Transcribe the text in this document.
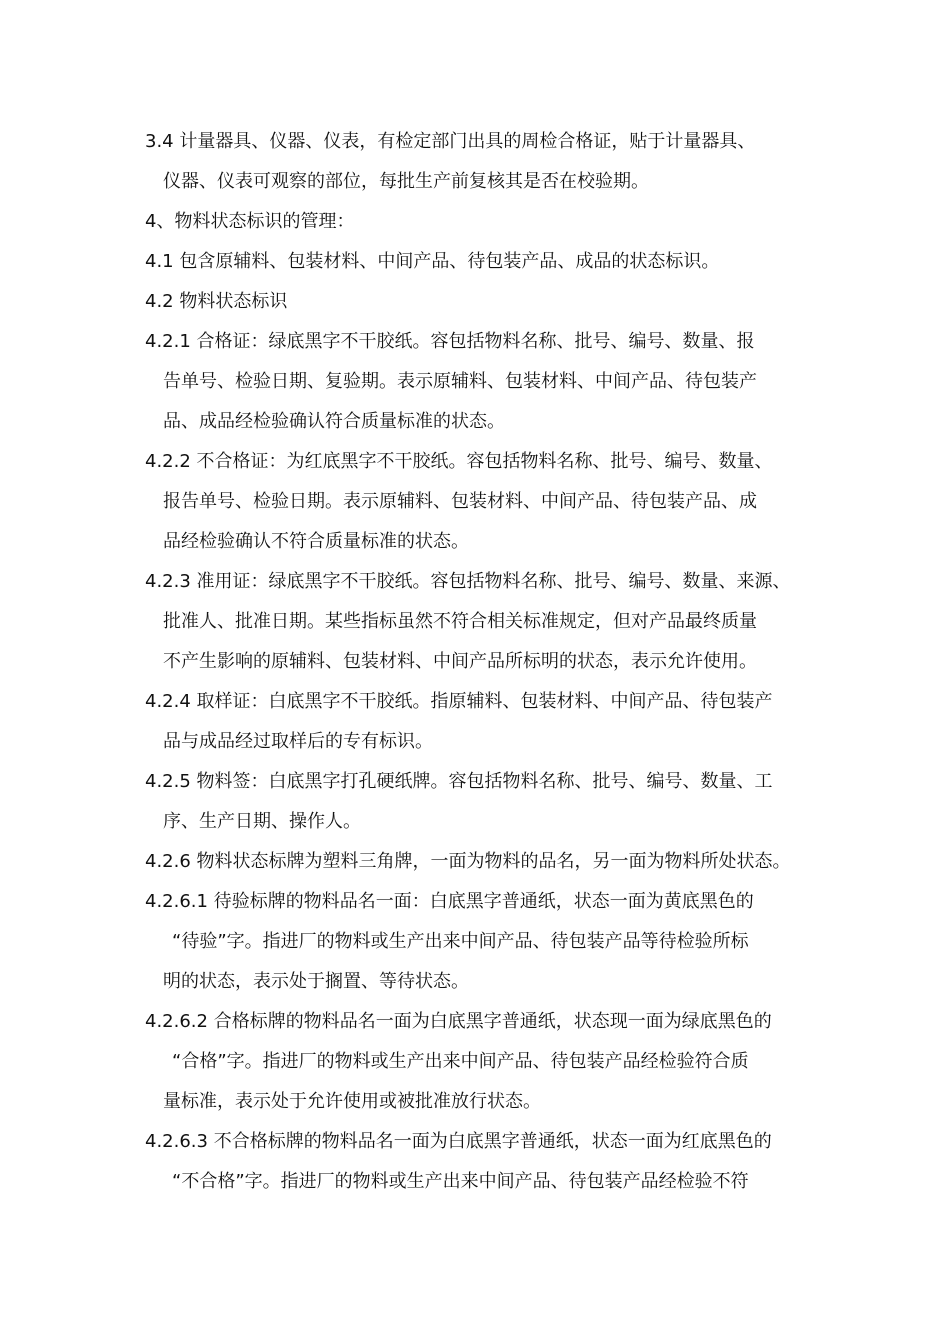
3.4 计量器具、仪器、仪表，有检定部门出具的周检合格证，贴于计量器具、
仪器、仪表可观察的部位，每批生产前复核其是否在校验期。
4、物料状态标识的管理：
4.1 包含原辅料、包装材料、中间产品、待包装产品、成品的状态标识。
4.2 物料状态标识
4.2.1 合格证：绿底黑字不干胶纸。容包括物料名称、批号、编号、数量、报
告单号、检验日期、复验期。表示原辅料、包装材料、中间产品、待包装产
品、成品经检验确认符合质量标准的状态。
4.2.2 不合格证：为红底黑字不干胶纸。容包括物料名称、批号、编号、数量、
报告单号、检验日期。表示原辅料、包装材料、中间产品、待包装产品、成
品经检验确认不符合质量标准的状态。
4.2.3 准用证：绿底黑字不干胶纸。容包括物料名称、批号、编号、数量、来源、
批准人、批准日期。某些指标虽然不符合相关标准规定，但对产品最终质量
不产生影响的原辅料、包装材料、中间产品所标明的状态，表示允许使用。
4.2.4 取样证：白底黑字不干胶纸。指原辅料、包装材料、中间产品、待包装产
品与成品经过取样后的专有标识。
4.2.5 物料签：白底黑字打孔硬纸牌。容包括物料名称、批号、编号、数量、工
序、生产日期、操作人。
4.2.6 物料状态标牌为塑料三角牌，一面为物料的品名，另一面为物料所处状态。
4.2.6.1 待验标牌的物料品名一面：白底黑字普通纸，状态一面为黄底黑色的
“待验”字。指进厂的物料或生产出来中间产品、待包装产品等待检验所标
明的状态，表示处于搁置、等待状态。
4.2.6.2 合格标牌的物料品名一面为白底黑字普通纸，状态现一面为绿底黑色的
“合格”字。指进厂的物料或生产出来中间产品、待包装产品经检验符合质
量标准，表示处于允许使用或被批准放行状态。
4.2.6.3 不合格标牌的物料品名一面为白底黑字普通纸，状态一面为红底黑色的
“不合格”字。指进厂的物料或生产出来中间产品、待包装产品经检验不符
